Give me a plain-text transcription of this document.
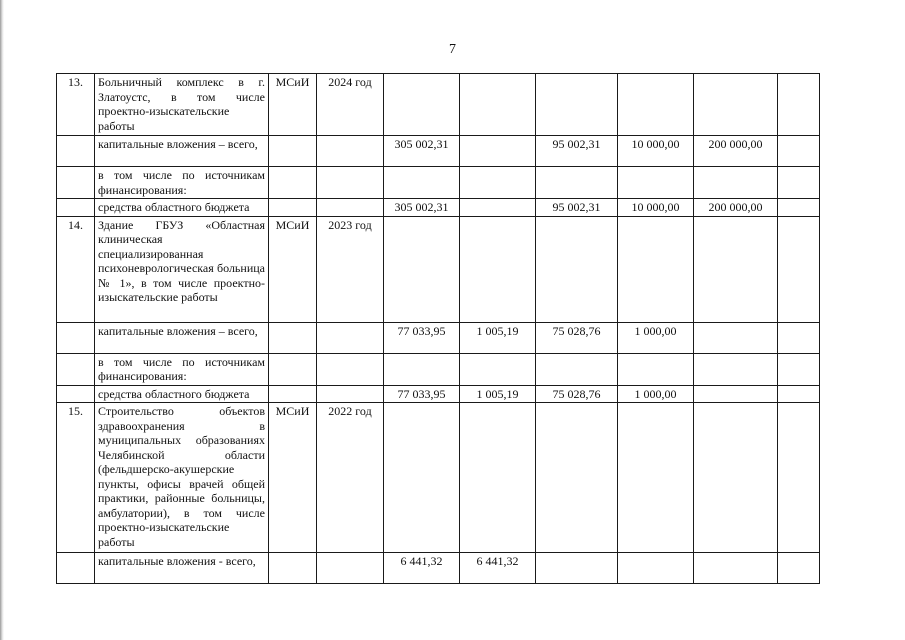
7
13.	Больничный комплекс в г. Златоустс, в том числе проектно-изыскательские работы	МСиИ	2024 год						
	капитальные вложения – всего,			305 002,31		95 002,31	10 000,00	200 000,00	
	в том числе по источникам финансирования:								
	средства областного бюджета			305 002,31		95 002,31	10 000,00	200 000,00	
14.	Здание ГБУЗ «Областная клиническая специализированная психоневрологическая больница № 1», в том числе проектно-изыскательские работы	МСиИ	2023 год						
	капитальные вложения – всего,			77 033,95	1 005,19	75 028,76	1 000,00		
	в том числе по источникам финансирования:								
	средства областного бюджета			77 033,95	1 005,19	75 028,76	1 000,00		
15.	Строительство объектов здравоохранения в муниципальных образованиях Челябинской области (фельдшерско-акушерские пункты, офисы врачей общей практики, районные больницы, амбулатории), в том числе проектно-изыскательские работы	МСиИ	2022 год						
	капитальные вложения - всего,			6 441,32	6 441,32				
